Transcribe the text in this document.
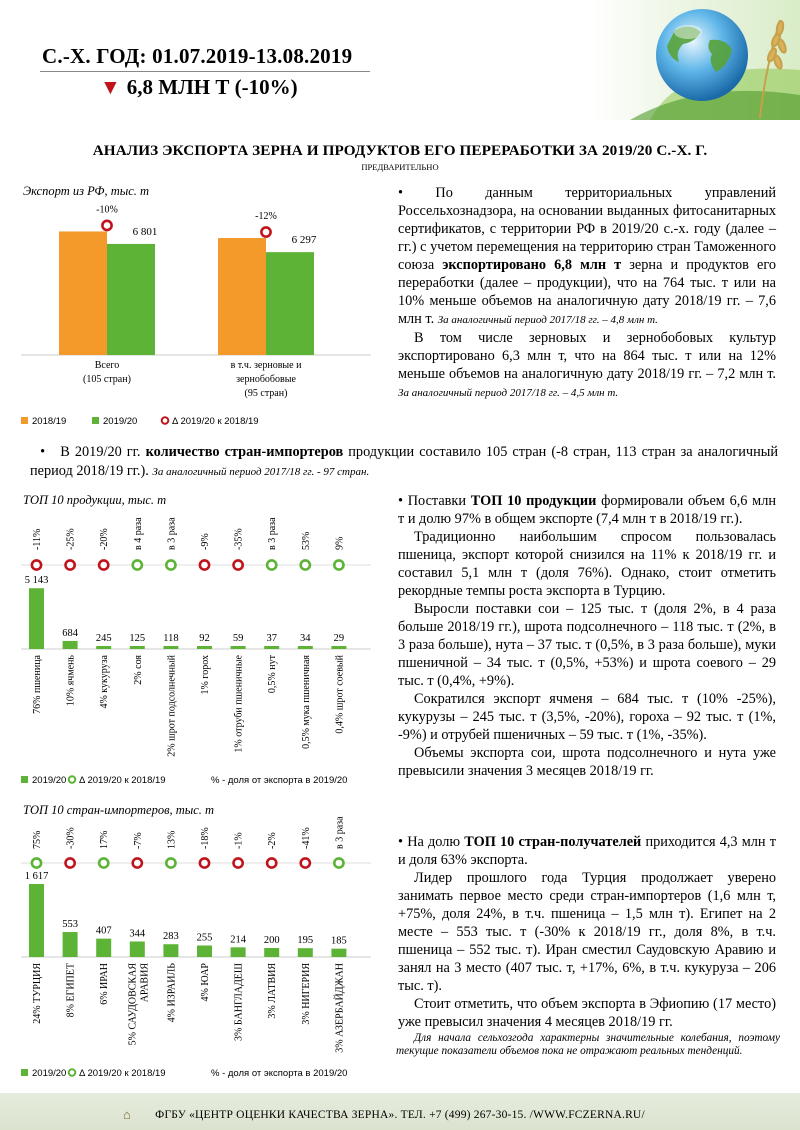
С.-Х. ГОД: 01.07.2019-13.08.2019
▼ 6,8 МЛН Т (-10%)
АНАЛИЗ ЭКСПОРТА ЗЕРНА И ПРОДУКТОВ ЕГО ПЕРЕРАБОТКИ ЗА 2019/20 С.-Х. Г.
ПРЕДВАРИТЕЛЬНО
Экспорт из РФ, тыс. т
6 801
-10%
Всего
(105 стран)
6 297
-12%
в т.ч. зерновые и
зернобобовые
(95 стран)
2018/19	2019/20	Δ 2019/20 к 2018/19

• По данным территориальных управлений Россельхознадзора, на основании выданных фитосанитарных сертификатов, с территории РФ в 2019/20 с.-х. году (далее – гг.) с учетом перемещения на территорию стран Таможенного союза экспортировано 6,8 млн т зерна и продуктов его переработки (далее – продукции), что на 764 тыс. т или на 10% меньше объемов на аналогичную дату 2018/19 гг. – 7,6 млн т. За аналогичный период 2017/18 гг. – 4,8 млн т.

В том числе зерновых и зернобобовых культур экспортировано 6,3 млн т, что на 864 тыс. т или на 12% меньше объемов на аналогичную дату 2018/19 гг. – 7,2 млн т. За аналогичный период 2017/18 гг. – 4,5 млн т.

•   В 2019/20 гг. количество стран-импортеров продукции составило 105 стран (-8 стран, 113 стран за аналогичный период 2018/19 гг.). За аналогичный период 2017/18 гг. - 97 стран.
ТОП 10 продукции, тыс. т
5 143
-11%
76% пшеница
684
-25%
10% ячмень
245
-20%
4% кукуруза
125
в 4 раза
2% соя
118
в 3 раза
2% шрот подсолнечный
92
-9%
1% горох
59
-35%
1% отруби пшеничные
37
в 3 раза
0,5% нут
34
53%
0,5% мука пшеничная
29
9%
0,4% шрот соевый
2019/20 Δ 2019/20 к 2018/19	% - доля от экспорта в 2019/20

• Поставки ТОП 10 продукции формировали объем 6,6 млн т и долю 97% в общем экспорте (7,4 млн т в 2018/19 гг.).

Традиционно наибольшим спросом пользовалась пшеница, экспорт которой снизился на 11% к 2018/19 гг. и составил 5,1 млн т (доля 76%). Однако, стоит отметить рекордные темпы роста экспорта в Турцию.

Выросли поставки сои – 125 тыс. т (доля 2%, в 4 раза больше 2018/19 гг.), шрота подсолнечного – 118 тыс. т (2%, в 3 раза больше), нута – 37 тыс. т (0,5%, в 3 раза больше), муки пшеничной – 34 тыс. т (0,5%, +53%) и шрота соевого – 29 тыс. т (0,4%, +9%).

Сократился экспорт ячменя – 684 тыс. т (10% -25%), кукурузы – 245 тыс. т (3,5%, -20%), гороха – 92 тыс. т (1%, -9%) и отрубей пшеничных – 59 тыс. т (1%, -35%).

Объемы экспорта сои, шрота подсолнечного и нута уже превысили значения 3 месяцев 2018/19 гг.

ТОП 10 стран-импортеров, тыс. т
1 617
75%
24% ТУРЦИЯ
553
-30%
8% ЕГИПЕТ
407
17%
6% ИРАН
344
-7%
5% САУДОВСКАЯ АРАВИЯ
283
13%
4% ИЗРАИЛЬ
255
-18%
4% ЮАР
214
-1%
3% БАНГЛАДЕШ
200
-2%
3% ЛАТВИЯ
195
-41%
3% НИГЕРИЯ
185
в 3 раза
3% АЗЕРБАЙДЖАН
2019/20 Δ 2019/20 к 2018/19	% - доля от экспорта в 2019/20

• На долю ТОП 10 стран-получателей приходится 4,3 млн т и доля 63% экспорта.

Лидер прошлого года Турция продолжает уверено занимать первое место среди стран-импортеров (1,6 млн т, +75%, доля 24%, в т.ч. пшеница – 1,5 млн т). Египет на 2 месте – 553 тыс. т (-30% к 2018/19 гг., доля 8%, в т.ч. пшеница – 552 тыс. т). Иран сместил Саудовскую Аравию и занял на 3 место (407 тыс. т, +17%, 6%, в т.ч. кукуруза – 206 тыс. т).

Стоит отметить, что объем экспорта в Эфиопию (17 место) уже превысил значения 4 месяцев 2018/19 гг.

Для начала сельхозгода характерны значительные колебания, поэтому текущие показатели объемов пока не отражают реальных тенденций.
⌂	ФГБУ «ЦЕНТР ОЦЕНКИ КАЧЕСТВА ЗЕРНА». ТЕЛ. +7 (499) 267-30-15. /WWW.FCZERNA.RU/
